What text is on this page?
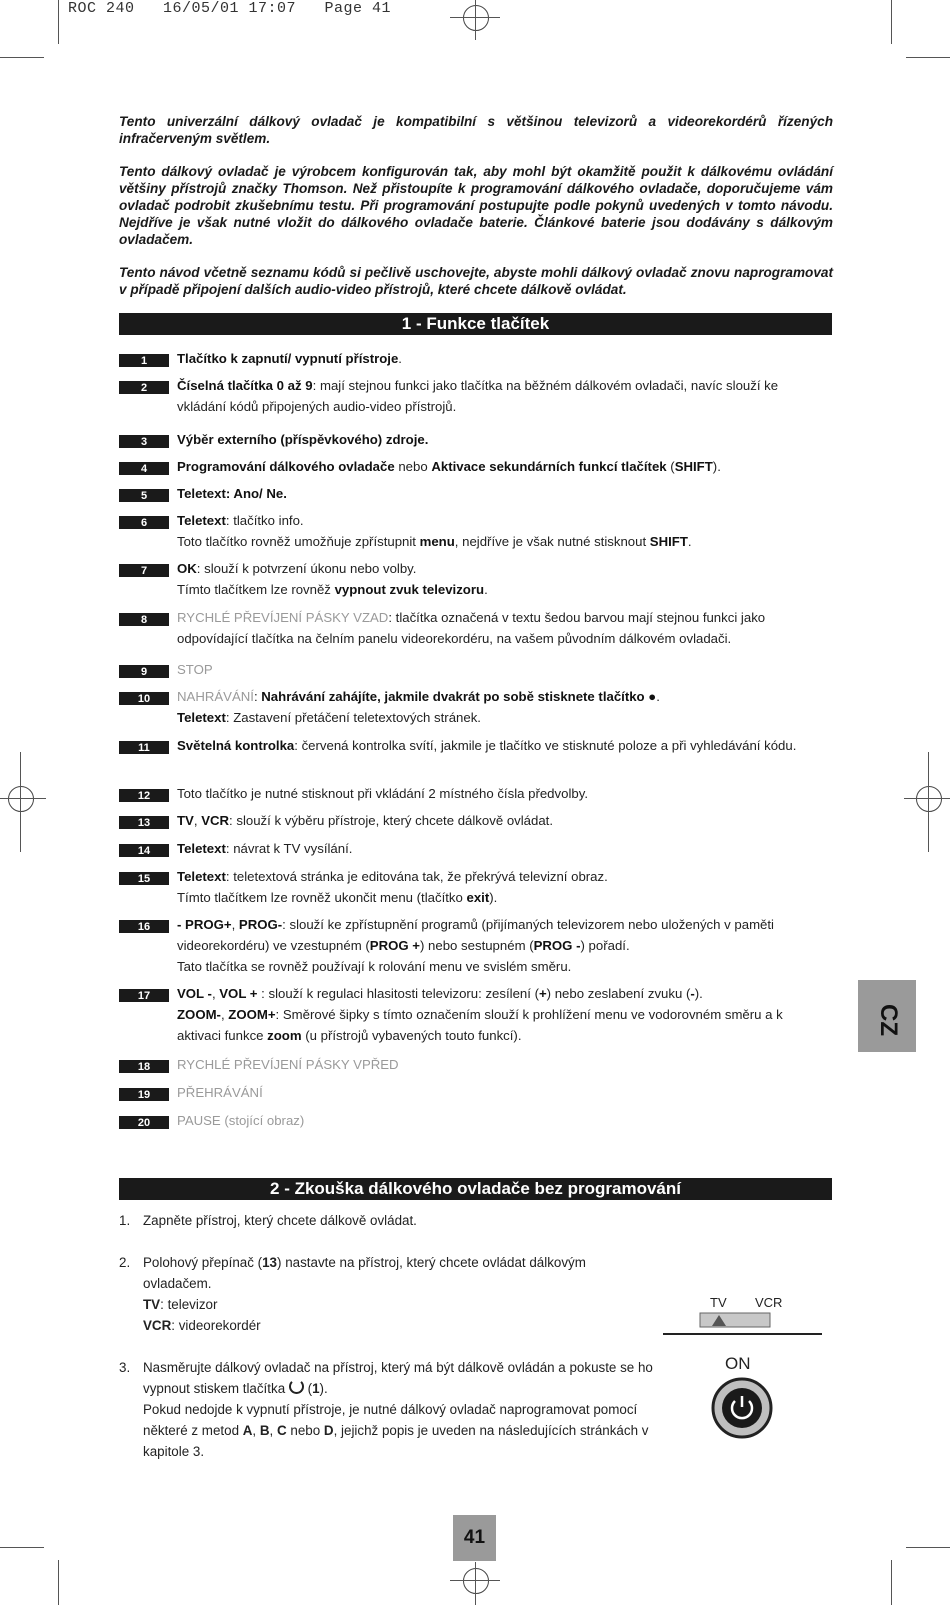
ROC 240   16/05/01 17:07   Page 41
Tento univerzální dálkový ovladač je kompatibilní s většinou televizorů a videorekordérů řízených infračerveným světlem.
Tento dálkový ovladač je výrobcem konfigurován tak, aby mohl být okamžitě použit k dálkovému ovládání většiny přístrojů značky Thomson. Než přistoupíte k programování dálkového ovladače, doporučujeme vám ovladač podrobit zkušebnímu testu. Při programování postupujte podle pokynů uvedených v tomto návodu. Nejdříve je však nutné vložit do dálkového ovladače baterie. Článkové baterie jsou dodávány s dálkovým ovladačem.
Tento návod včetně seznamu kódů si pečlivě uschovejte, abyste mohli dálkový ovladač znovu naprogramovat v případě připojení dalších audio-video přístrojů, které chcete dálkově ovládat.
1 - Funkce tlačítek
1	Tlačítko k zapnutí/ vypnutí přístroje.
2	Číselná tlačítka 0 až 9: mají stejnou funkci jako tlačítka na běžném dálkovém ovladači, navíc slouží ke vkládání kódů připojených audio-video přístrojů.
3	Výběr externího (příspěvkového) zdroje.
4	Programování dálkového ovladače nebo Aktivace sekundárních funkcí tlačítek (SHIFT).
5	Teletext: Ano/ Ne.
6	Teletext: tlačítko info.
Toto tlačítko rovněž umožňuje zpřístupnit menu, nejdříve je však nutné stisknout SHIFT.
7	OK: slouží k potvrzení úkonu nebo volby.
Tímto tlačítkem lze rovněž vypnout zvuk televizoru.
8	RYCHLÉ PŘEVÍJENÍ PÁSKY VZAD: tlačítka označená v textu šedou barvou mají stejnou funkci jako odpovídající tlačítka na čelním panelu videorekordéru, na vašem původním dálkovém ovladači.
9	STOP
10	NAHRÁVÁNÍ: Nahrávání zahájíte, jakmile dvakrát po sobě stisknete tlačítko ●.
Teletext: Zastavení přetáčení teletextových stránek.
11	Světelná kontrolka: červená kontrolka svítí, jakmile je tlačítko ve stisknuté poloze a při vyhledávání kódu.
12	Toto tlačítko je nutné stisknout při vkládání 2 místného čísla předvolby.
13	TV, VCR: slouží k výběru přístroje, který chcete dálkově ovládat.
14	Teletext: návrat k TV vysílání.
15	Teletext: teletextová stránka je editována tak, že překrývá televizní obraz.
Tímto tlačítkem lze rovněž ukončit menu (tlačítko exit).
16	- PROG+, PROG-: slouží ke zpřístupnění programů (přijímaných televizorem nebo uložených v paměti videorekordéru) ve vzestupném (PROG +) nebo sestupném (PROG -) pořadí.
Tato tlačítka se rovněž používají k rolování menu ve svislém směru.
17	VOL -, VOL + : slouží k regulaci hlasitosti televizoru: zesílení (+) nebo zeslabení zvuku (-).
ZOOM-, ZOOM+: Směrové šipky s tímto označením slouží k prohlížení menu ve vodorovném směru a k aktivaci funkce zoom (u přístrojů vybavených touto funkcí).
18	RYCHLÉ PŘEVÍJENÍ PÁSKY VPŘED
19	PŘEHRÁVÁNÍ
20	PAUSE (stojící obraz)
2 - Zkouška dálkového ovladače bez programování
1. Zapněte přístroj, který chcete dálkově ovládat.
2. Polohový přepínač (13) nastavte na přístroj, který chcete ovládat dálkovým ovladačem.
TV: televizor
VCR: videorekordér
3. Nasměrujte dálkový ovladač na přístroj, který má být dálkově ovládán a pokuste se ho vypnout stiskem tlačítka  (1).
Pokud nedojde k vypnutí přístroje, je nutné dálkový ovladač naprogramovat pomocí některé z metod A, B, C nebo D, jejichž popis je uveden na následujících stránkách v kapitole 3.
TV VCR
ON
CZ
41
